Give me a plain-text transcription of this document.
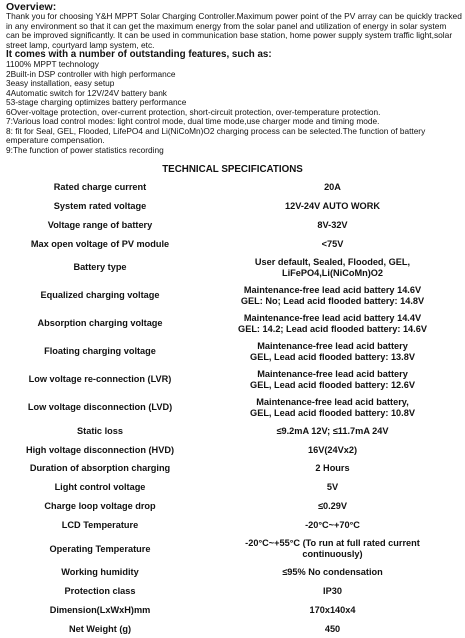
Overview:
Thank you for choosing Y&H MPPT Solar Charging Controller.Maximum power point of the PV array can be quickly tracked in any environment so that it can get the maximum energy from the solar panel and utilization of energy in solar system can be improved significantly. It can be used in communication base station, home power supply system traffic light,solar street lamp, courtyard lamp system, etc.
It comes with a number of outstanding features, such as:
1100% MPPT technology
2Built-in DSP controller with high performance
3easy installation, easy setup
4Automatic switch for 12V/24V battery bank
53-stage charging optimizes battery performance
6Over-voltage protection, over-current protection, short-circuit protection, over-temperature protection.
7:Various load control modes: light control mode, dual time mode,use charger mode and timing mode.
8: fit for Seal, GEL, Flooded, LifePO4 and Li(NiCoMn)O2 charging process can be selected.The function of battery emperature compensation.
9:The function of power statistics recording
TECHNICAL SPECIFICATIONS
Rated charge current	20A
System rated voltage	12V-24V AUTO WORK
Voltage range of battery	8V-32V
Max open voltage of PV module	<75V
Battery type	User default, Sealed, Flooded, GEL,
LiFePO4,Li(NiCoMn)O2
Equalized charging voltage	Maintenance-free lead acid battery 14.6V
GEL: No; Lead acid flooded battery: 14.8V
Absorption charging voltage	Maintenance-free lead acid battery 14.4V
GEL: 14.2; Lead acid flooded battery: 14.6V
Floating charging voltage	Maintenance-free lead acid battery
GEL, Lead acid flooded battery: 13.8V
Low voltage re-connection (LVR)	Maintenance-free lead acid battery
GEL, Lead acid flooded battery: 12.6V
Low voltage disconnection (LVD)	Maintenance-free lead acid battery,
GEL, Lead acid flooded battery: 10.8V
Static loss	≤9.2mA 12V; ≤11.7mA 24V
High voltage disconnection (HVD)	16V(24Vx2)
Duration of absorption charging	2 Hours
Light control voltage	5V
Charge loop voltage drop	≤0.29V
LCD Temperature	-20°C~+70°C
Operating Temperature	-20°C~+55°C (To run at full rated current
continuously)
Working humidity	≤95% No condensation
Protection class	IP30
Dimension(LxWxH)mm	170x140x4
Net Weight (g)	450
